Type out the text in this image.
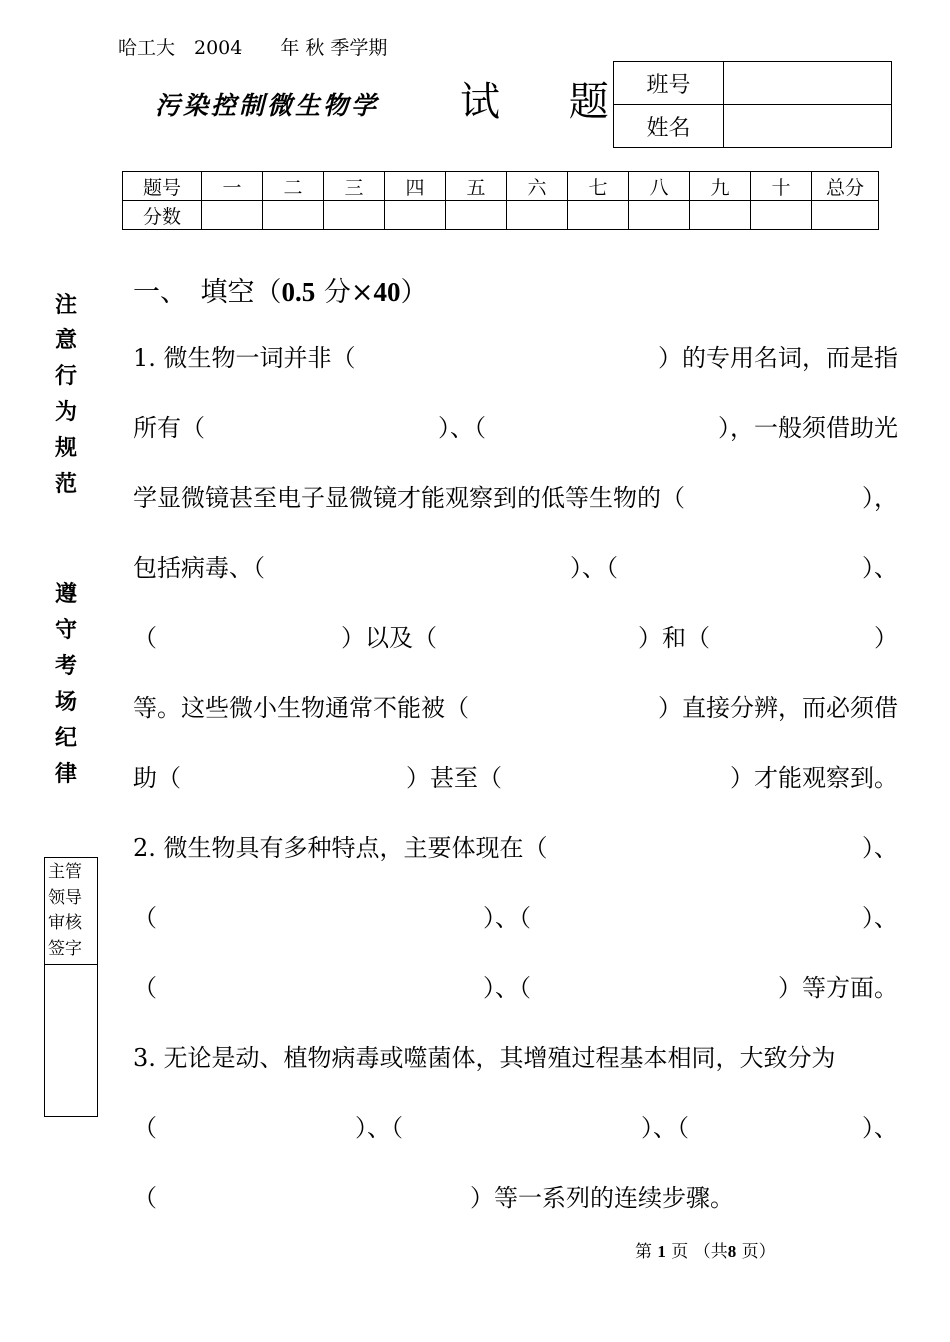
哈工大　2004　　年 秋 季学期
污染控制微生物学 试 题 班号	
姓名	
题号	一	二	三	四	五	六	七	八	九	十	总分
分数											
注
意
行
为
规
范
遵
守
考
场
纪
律
主管领导审核签字
一、　 填空（0.5 分×40）
1. 微生物一词并非（	）的专用名词，而是指
所有（	）、（	），一般须借助光
学显微镜甚至电子显微镜才能观察到的低等生物的（	），
包括病毒、（	）、（	）、
（	）以及（	）和（	）
等。这些微小生物通常不能被（	）直接分辨，而必须借
助（	）甚至（	）才能观察到。
2. 微生物具有多种特点，主要体现在（	）、
（	）、（	）、
（	）、（	）等方面。
3. 无论是动、植物病毒或噬菌体，其增殖过程基本相同，大致分为
（	）、（	）、（	）、
（	）等一系列的连续步骤。
第 1 页 （共8 页）
